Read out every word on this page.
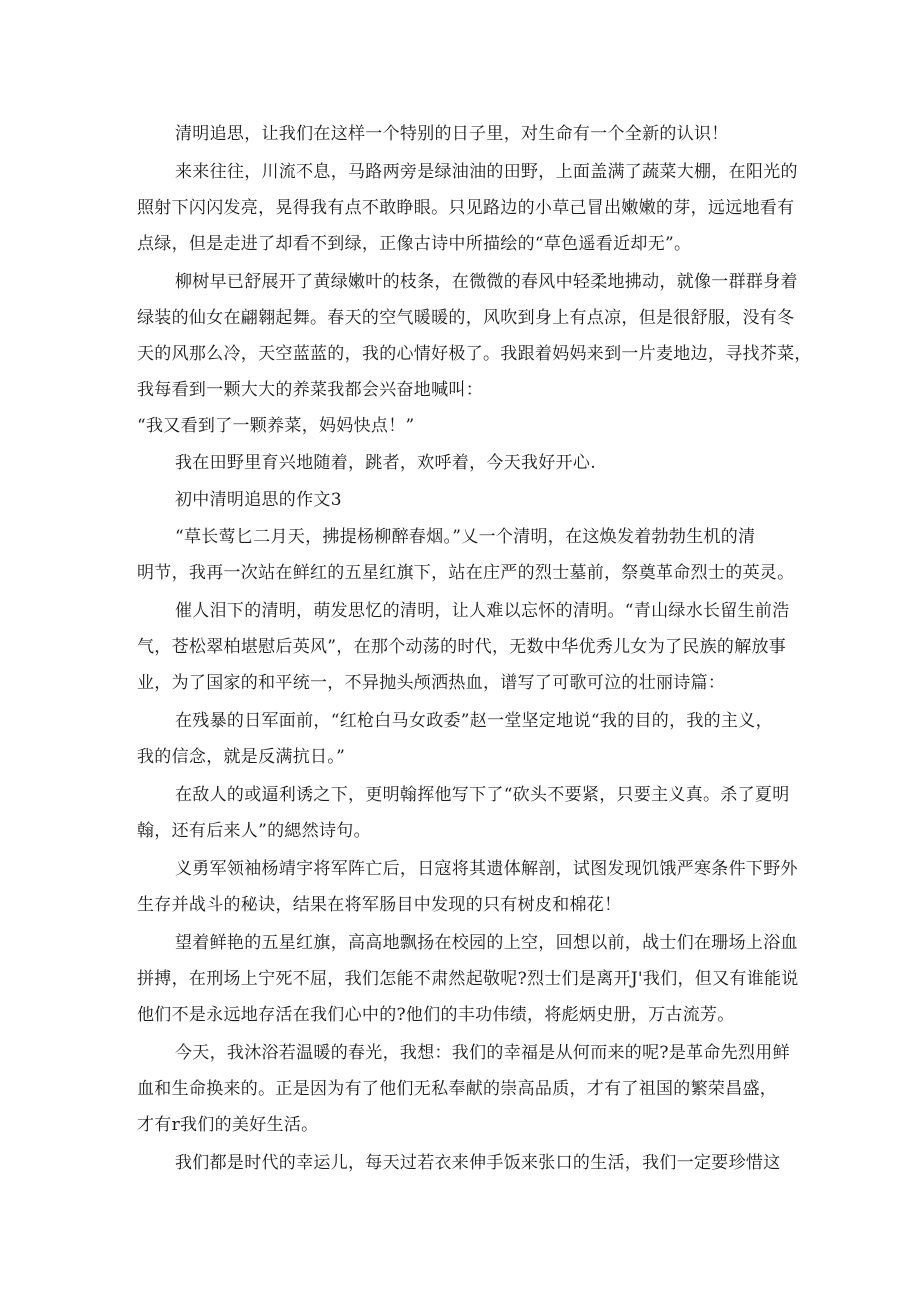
清明追思，让我们在这样一个特别的日子里，对生命有一个全新的认识！
来来往往，川流不息，马路两旁是绿油油的田野，上面盖满了蔬菜大棚，在阳光的
照射下闪闪发亮，晃得我有点不敢睁眼。只见路边的小草己冒出嫩嫩的芽，远远地看有
点绿，但是走进了却看不到绿，正像古诗中所描绘的“草色遥看近却无”。
柳树早已舒展开了黄绿嫩叶的枝条，在微微的春风中轻柔地拂动，就像一群群身着
绿装的仙女在翩翱起舞。春天的空气暖暖的，风吹到身上有点凉，但是很舒服，没有冬
天的风那么冷，天空蓝蓝的，我的心情好极了。我跟着妈妈来到一片麦地边，寻找芥菜，
我每看到一颗大大的养菜我都会兴奋地喊叫：
“我又看到了一颗养菜，妈妈快点！”
我在田野里育兴地随着，跳者，欢呼着，今天我好开心.
初中清明追思的作文3
“草长莺匕二月天，拂提杨柳醉春烟。”乂一个清明，在这焕发着勃勃生机的清
明节，我再一次站在鲜红的五星红旗下，站在庄严的烈士墓前，祭奠革命烈士的英灵。
催人泪下的清明，萌发思忆的清明，让人难以忘怀的清明。“青山绿水长留生前浩
气，苍松翠柏堪慰后英风”，在那个动荡的时代，无数中华优秀儿女为了民族的解放事
业，为了国家的和平统一，不异抛头颅洒热血，谱写了可歌可泣的壮丽诗篇：
在残暴的日军面前，“红枪白马女政委”赵一堂坚定地说“我的目的，我的主义，
我的信念，就是反满抗日。”
在敌人的或逼利诱之下，更明翰挥他写下了“砍头不要紧，只要主义真。杀了夏明
翰，还有后来人”的緦然诗句。
义勇军领袖杨靖宇将军阵亡后，日寇将其遗体解剖，试图发现饥饿严寒条件下野外
生存并战斗的秘诀，结果在将军肠目中发现的只有树皮和棉花！
望着鲜艳的五星红旗，高高地飘扬在校园的上空，回想以前，战士们在珊场上浴血
拼搏，在刑场上宁死不屈，我们怎能不肃然起敬呢?烈士们是离开J'我们，但又有谁能说
他们不是永远地存活在我们心中的?他们的丰功伟绩，将彪炳史册，万古流芳。
今天，我沐浴若温暖的春光，我想：我们的幸福是从何而来的呢?是革命先烈用鲜
血和生命换来的。正是因为有了他们无私奉献的崇高品质，才有了祖国的繁荣昌盛，
才有r我们的美好生活。
我们都是时代的幸运儿，每天过若衣来伸手饭来张口的生活，我们一定要珍惜这
